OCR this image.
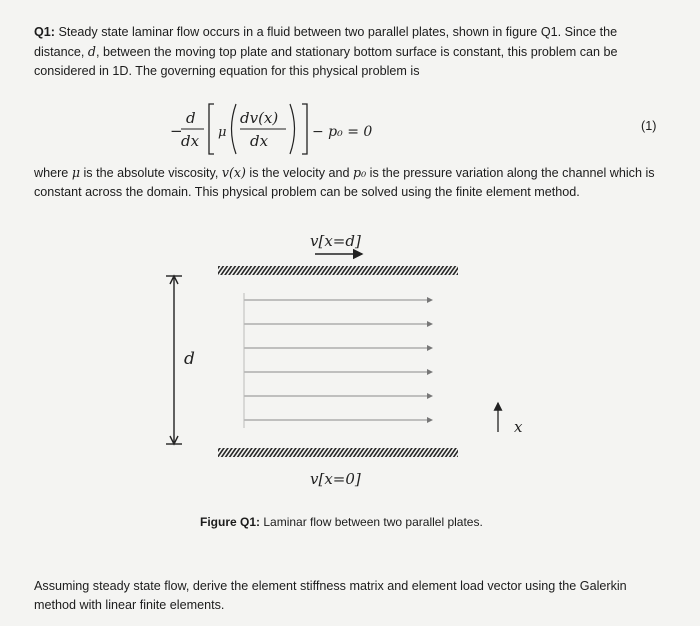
Q1: Steady state laminar flow occurs in a fluid between two parallel plates, shown in figure Q1. Since the distance, d, between the moving top plate and stationary bottom surface is constant, this problem can be considered in 1D. The governing equation for this physical problem is

−
d
dx μ
dv(x)
dx	− p₀ = 0	(1)

where μ is the absolute viscosity, v(x) is the velocity and p₀ is the pressure variation along the channel which is constant across the domain. This physical problem can be solved using the finite element method.

v[x=d]
d
x
v[x=0]
Figure Q1: Laminar flow between two parallel plates.

Assuming steady state flow, derive the element stiffness matrix and element load vector using the Galerkin method with linear finite elements.
